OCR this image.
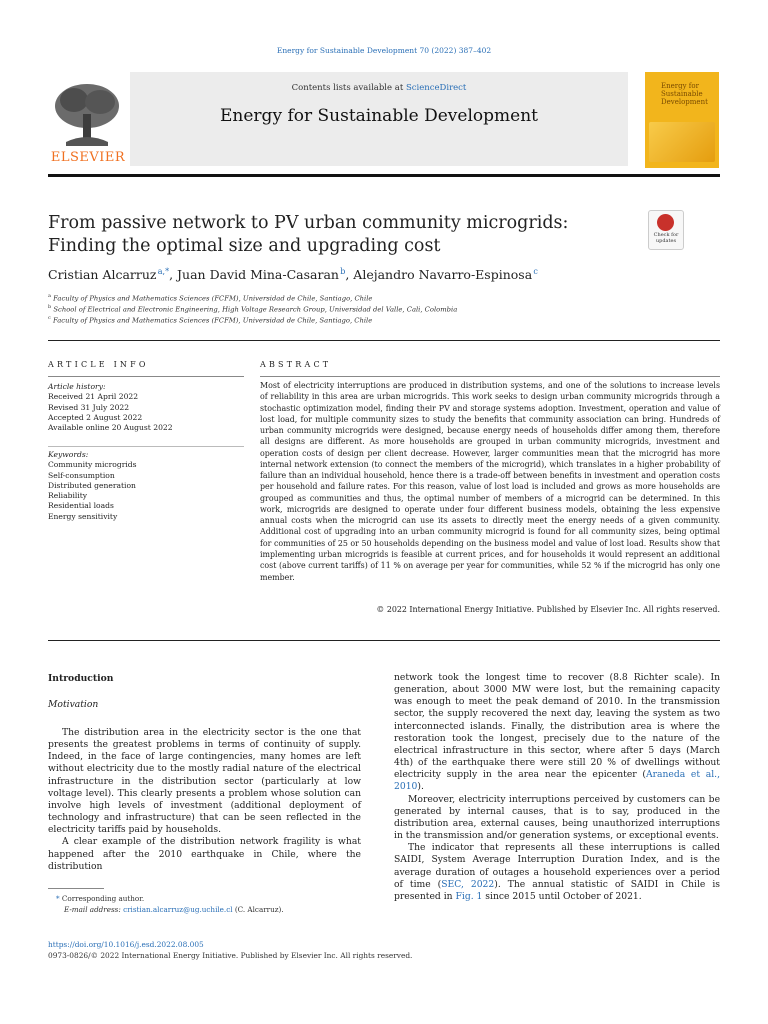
Energy for Sustainable Development 70 (2022) 387–402
Contents lists available at ScienceDirect
Energy for Sustainable Development
ELSEVIER
Energy for Sustainable Development
From passive network to PV urban community microgrids: Finding the optimal size and upgrading cost
Check for updates
Cristian Alcarruz $^{a,*}$, Juan David Mina-Casaran $^b$, Alejandro Navarro-Espinosa $^c$
$^a$ Faculty of Physics and Mathematics Sciences (FCFM), Universidad de Chile, Santiago, Chile
$^b$ School of Electrical and Electronic Engineering, High Voltage Research Group, Universidad del Valle, Cali, Colombia
$^c$ Faculty of Physics and Mathematics Sciences (FCFM), Universidad de Chile, Santiago, Chile
ARTICLE INFO
Article history:
Received 21 April 2022
Revised 31 July 2022
Accepted 2 August 2022
Available online 20 August 2022
Keywords:
Community microgrids
Self-consumption
Distributed generation
Reliability
Residential loads
Energy sensitivity
ABSTRACT
Most of electricity interruptions are produced in distribution systems, and one of the solutions to increase levels of reliability in this area are urban microgrids. This work seeks to design urban community microgrids through a stochastic optimization model, finding their PV and storage systems adoption. Investment, operation and value of lost load, for multiple community sizes to study the benefits that community association can bring. Hundreds of urban community microgrids were designed, because energy needs of households differ among them, therefore all designs are different. As more households are grouped in urban community microgrids, investment and operation costs of design per client decrease. However, larger communities mean that the microgrid has more internal network extension (to connect the members of the microgrid), which translates in a higher probability of failure than an individual household, hence there is a trade-off between benefits in investment and operation costs per household and failure rates. For this reason, value of lost load is included and grows as more households are grouped as communities and thus, the optimal number of members of a microgrid can be determined. In this work, microgrids are designed to operate under four different business models, obtaining the less expensive annual costs when the microgrid can use its assets to directly meet the energy needs of a given community. Additional cost of upgrading into an urban community microgrid is found for all community sizes, being optimal for communities of 25 or 50 households depending on the business model and value of lost load. Results show that implementing urban microgrids is feasible at current prices, and for households it would represent an additional cost (above current tariffs) of 11 % on average per year for communities, while 52 % if the microgrid has only one member.
© 2022 International Energy Initiative. Published by Elsevier Inc. All rights reserved.
Introduction
Motivation

The distribution area in the electricity sector is the one that presents the greatest problems in terms of continuity of supply. Indeed, in the face of large contingencies, many homes are left without electricity due to the mostly radial nature of the electrical infrastructure in the distribution sector (particularly at low voltage level). This clearly presents a problem whose solution can involve high levels of investment (additional deployment of technology and infrastructure) that can be seen reflected in the electricity tariffs paid by households.

A clear example of the distribution network fragility is what happened after the 2010 earthquake in Chile, where the distribution

network took the longest time to recover (8.8 Richter scale). In generation, about 3000 MW were lost, but the remaining capacity was enough to meet the peak demand of 2010. In the transmission sector, the supply recovered the next day, leaving the system as two interconnected islands. Finally, the distribution area is where the restoration took the longest, precisely due to the nature of the electrical infrastructure in this sector, where after 5 days (March 4th) of the earthquake there were still 20 % of dwellings without electricity supply in the area near the epicenter (Araneda et al., 2010).

Moreover, electricity interruptions perceived by customers can be generated by internal causes, that is to say, produced in the distribution area, external causes, being unauthorized interruptions in the transmission and/or generation systems, or exceptional events.

The indicator that represents all these interruptions is called SAIDI, System Average Interruption Duration Index, and is the average duration of outages a household experiences over a period of time (SEC, 2022). The annual statistic of SAIDI in Chile is presented in Fig. 1 since 2015 until October of 2021.

* Corresponding author.
E-mail address: cristian.alcarruz@ug.uchile.cl (C. Alcarruz).
https://doi.org/10.1016/j.esd.2022.08.005
0973-0826/© 2022 International Energy Initiative. Published by Elsevier Inc. All rights reserved.
